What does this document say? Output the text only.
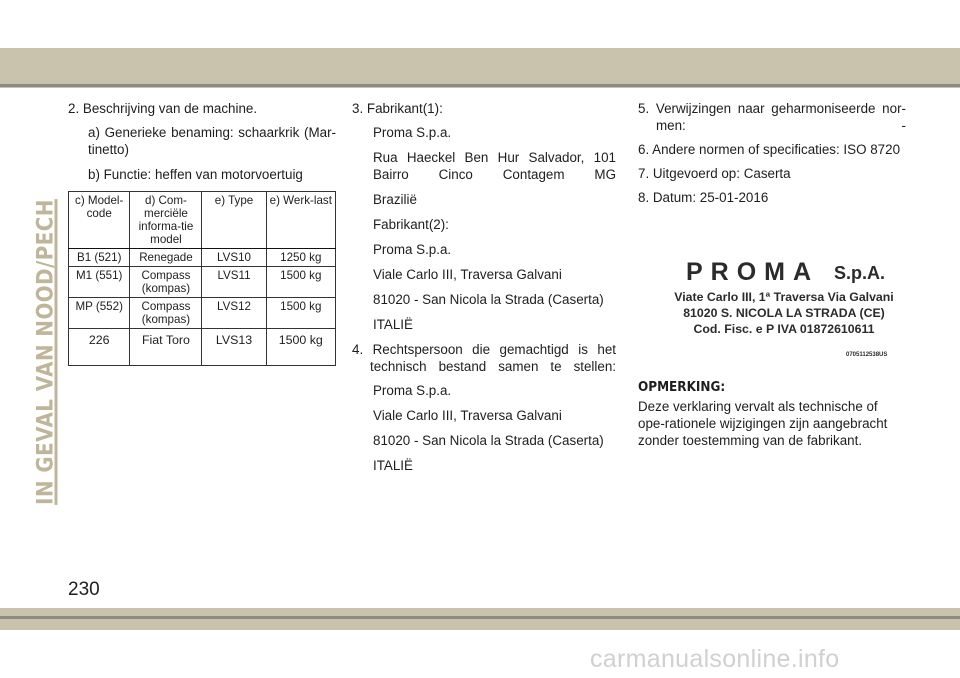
IN GEVAL VAN NOOD/PECH

2. Beschrijving van de machine.

a) Generieke benaming: schaarkrik (Mar-tinetto)

b) Functie: heffen van motorvoertuig

c) Model-code	d) Com-merciële informa-tie model	e) Type	e) Werk-last
B1 (521)	Renegade	LVS10	1250 kg
M1 (551)	Compass (kompas)	LVS11	1500 kg
MP (552)	Compass (kompas)	LVS12	1500 kg
226	Fiat Toro	LVS13	1500 kg

3. Fabrikant(1):

Proma S.p.a.

Rua Haeckel Ben Hur Salvador, 101 Bairro Cinco Contagem MG

Brazilië

Fabrikant(2):

Proma S.p.a.

Viale Carlo III, Traversa Galvani

81020 - San Nicola la Strada (Caserta)

ITALIË

4. Rechtspersoon die gemachtigd is het technisch bestand samen te stellen:

Proma S.p.a.

Viale Carlo III, Traversa Galvani

81020 - San Nicola la Strada (Caserta)

ITALIË

5. Verwijzingen naar geharmoniseerde nor-men: -

6. Andere normen of specificaties: ISO 8720

7. Uitgevoerd op: Caserta

8. Datum: 25-01-2016

PROMA S.p.A.
Viate Carlo III, 1ª Traversa Via Galvani
81020 S. NICOLA LA STRADA (CE)
Cod. Fisc. e P IVA 01872610611
0705112538US
OPMERKING:

Deze verklaring vervalt als technische of ope-rationele wijzigingen zijn aangebracht zonder toestemming van de fabrikant.

230
carmanualsonline.info
